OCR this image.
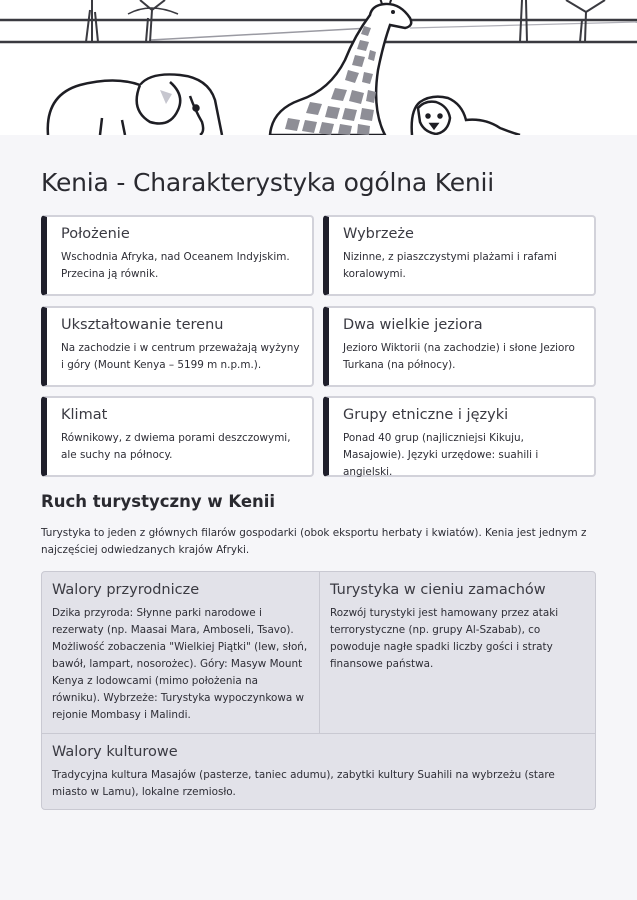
Kenia - Charakterystyka ogólna Kenii
Położenie
Wschodnia Afryka, nad Oceanem Indyjskim. Przecina ją równik.
Wybrzeże
Nizinne, z piaszczystymi plażami i rafami koralowymi.
Ukształtowanie terenu
Na zachodzie i w centrum przeważają wyżyny i góry (Mount Kenya – 5199 m n.p.m.).
Dwa wielkie jeziora
Jezioro Wiktorii (na zachodzie) i słone Jezioro Turkana (na północy).
Klimat
Równikowy, z dwiema porami deszczowymi, ale suchy na północy.
Grupy etniczne i języki
Ponad 40 grup (najliczniejsi Kikuju, Masajowie). Języki urzędowe: suahili i angielski.
Ruch turystyczny w Kenii

Turystyka to jeden z głównych filarów gospodarki (obok eksportu herbaty i kwiatów). Kenia jest jednym z najczęściej odwiedzanych krajów Afryki.

Walory przyrodnicze
Dzika przyroda: Słynne parki narodowe i rezerwaty (np. Maasai Mara, Amboseli, Tsavo). Możliwość zobaczenia "Wielkiej Piątki" (lew, słoń, bawół, lampart, nosorożec). Góry: Masyw Mount Kenya z lodowcami (mimo położenia na równiku). Wybrzeże: Turystyka wypoczynkowa w rejonie Mombasy i Malindi.
Turystyka w cieniu zamachów
Rozwój turystyki jest hamowany przez ataki terrorystyczne (np. grupy Al-Szabab), co powoduje nagłe spadki liczby gości i straty finansowe państwa.
Walory kulturowe
Tradycyjna kultura Masajów (pasterze, taniec adumu), zabytki kultury Suahili na wybrzeżu (stare miasto w Lamu), lokalne rzemiosło.
